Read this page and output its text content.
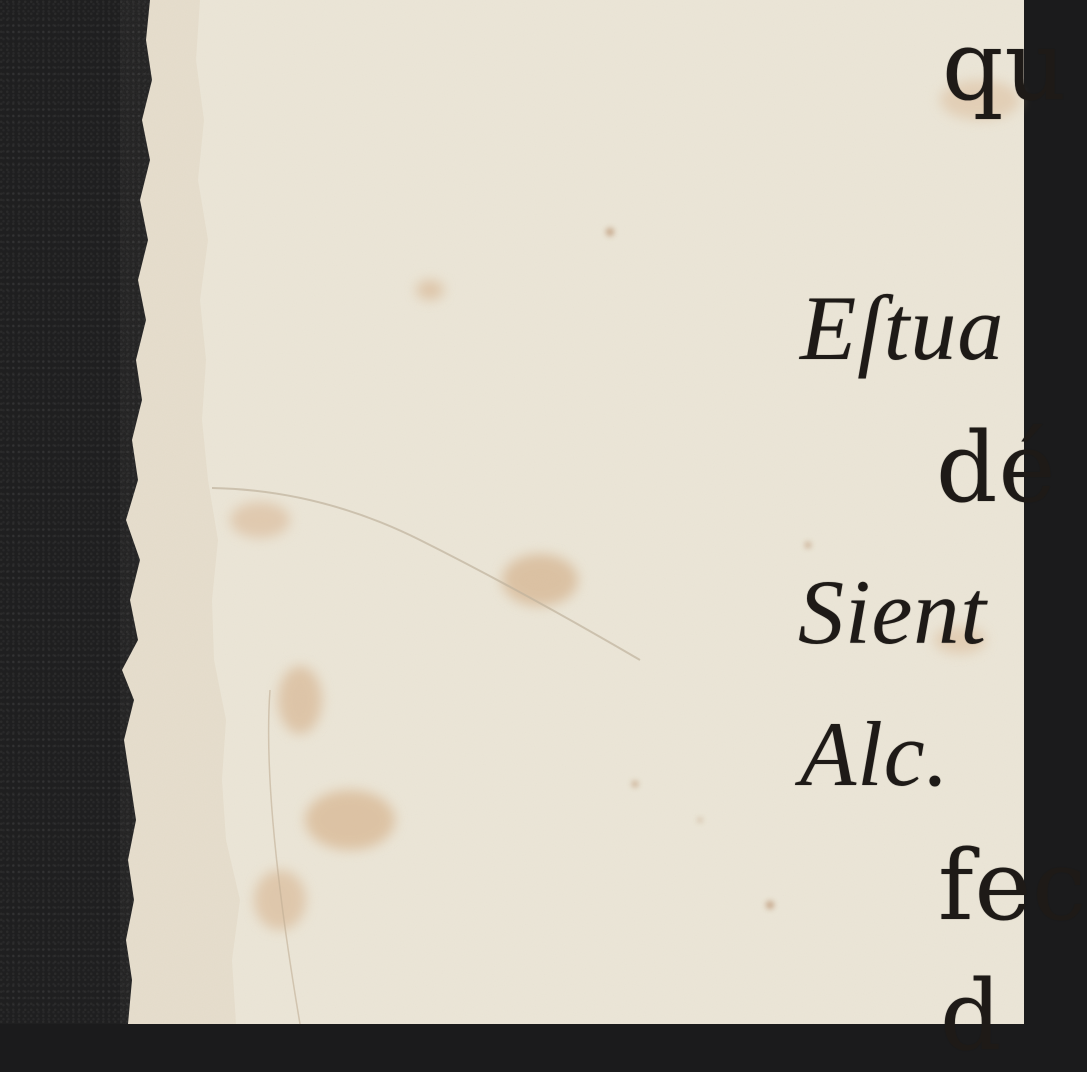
qu
Eſtua
dé
Sient
Alc.
fec
d
